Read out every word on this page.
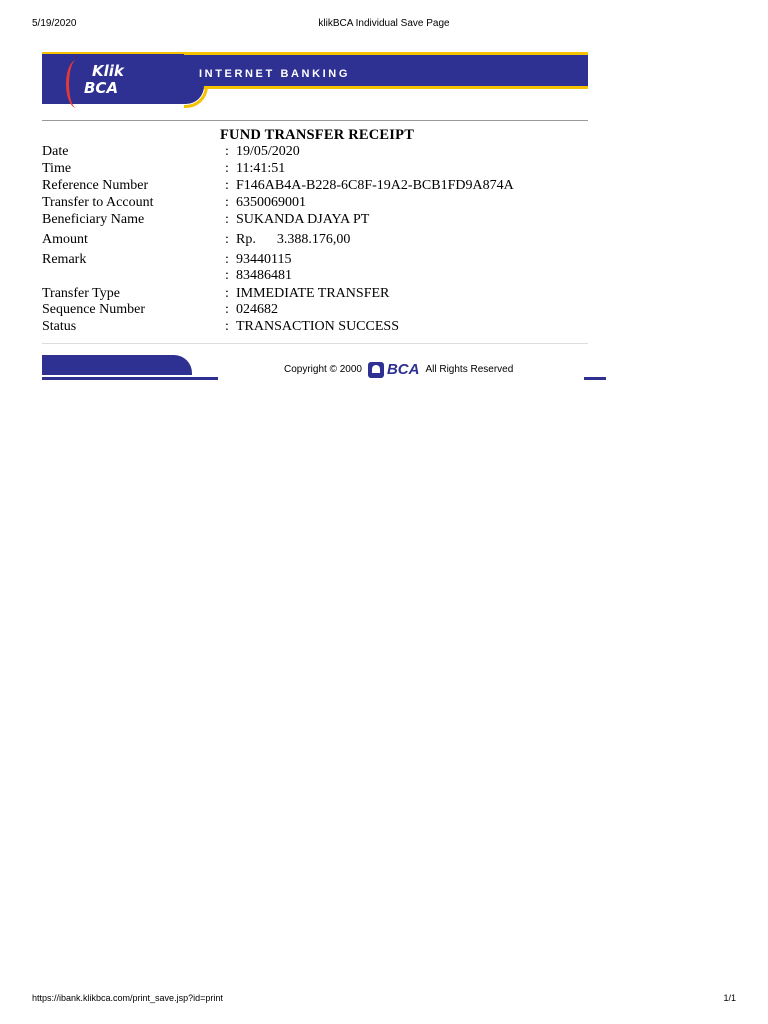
5/19/2020	klikBCA Individual Save Page
Klik
BCA
INTERNET BANKING
FUND TRANSFER RECEIPT
Date	: 19/05/2020
Time	: 11:41:51
Reference Number	: F146AB4A-B228-6C8F-19A2-BCB1FD9A874A
Transfer to Account	: 6350069001
Beneficiary Name	: SUKANDA DJAYA PT
Amount	: Rp.      3.388.176,00
Remark	: 93440115
: 83486481
Transfer Type	: IMMEDIATE TRANSFER
Sequence Number	: 024682
Status	: TRANSACTION SUCCESS
Copyright © 2000 BCA All Rights Reserved
https://ibank.klikbca.com/print_save.jsp?id=print	1/1
